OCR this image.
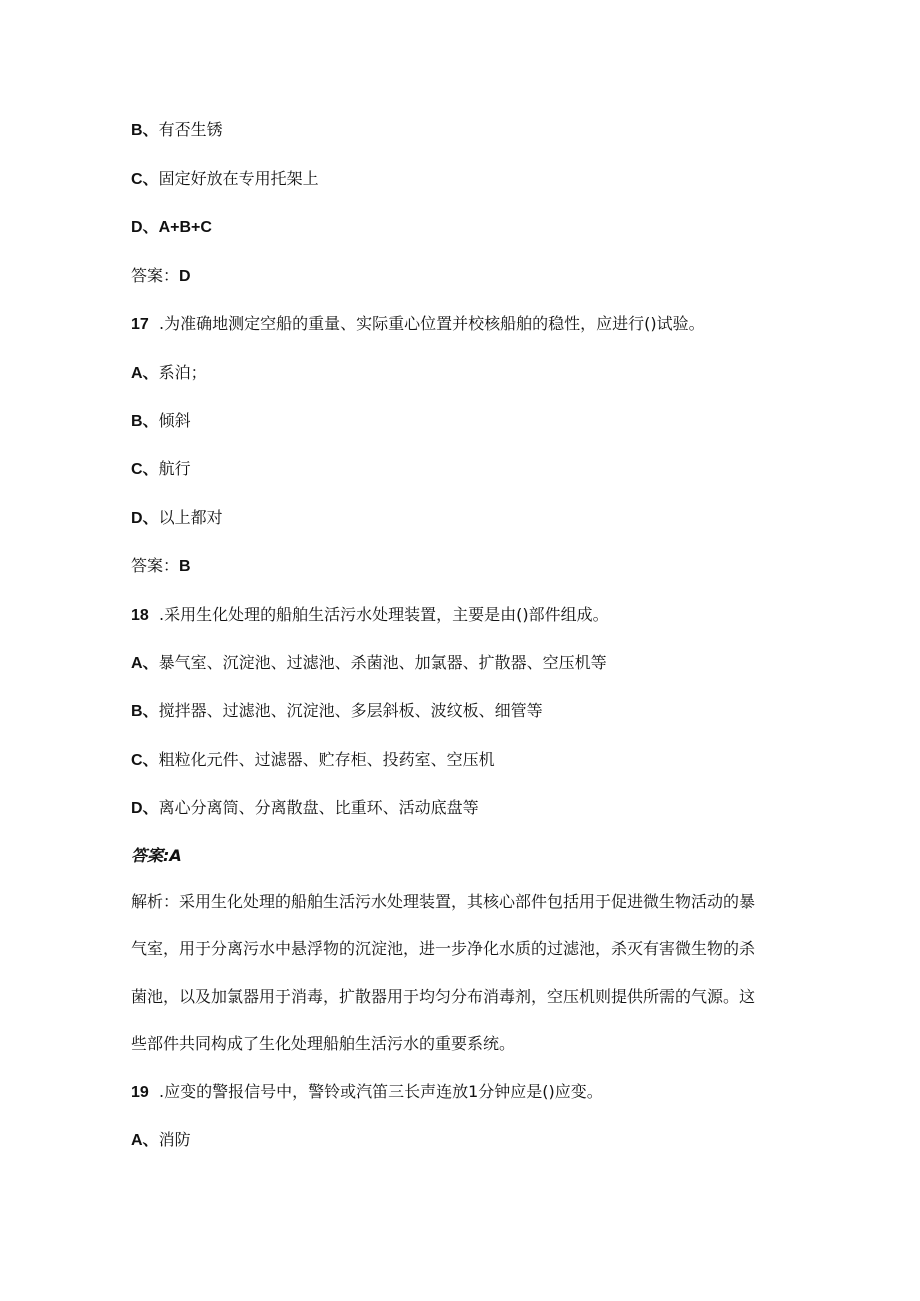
B、有否生锈
C、固定好放在专用托架上
D、A+B+C
答案：D
17 .为准确地测定空船的重量、实际重心位置并校核船舶的稳性，应进行()试验。
A、系泊；
B、倾斜
C、航行
D、以上都对
答案：B
18 .采用生化处理的船舶生活污水处理装置，主要是由()部件组成。
A、暴气室、沉淀池、过滤池、杀菌池、加氯器、扩散器、空压机等
B、搅拌器、过滤池、沉淀池、多层斜板、波纹板、细管等
C、粗粒化元件、过滤器、贮存柜、投药室、空压机
D、离心分离筒、分离散盘、比重环、活动底盘等
答案:A
解析：采用生化处理的船舶生活污水处理装置，其核心部件包括用于促进微生物活动的暴
气室，用于分离污水中悬浮物的沉淀池，进一步净化水质的过滤池，杀灭有害微生物的杀
菌池，以及加氯器用于消毒，扩散器用于均匀分布消毒剂，空压机则提供所需的气源。这
些部件共同构成了生化处理船舶生活污水的重要系统。
19 .应变的警报信号中，警铃或汽笛三长声连放1分钟应是()应变。
A、消防
